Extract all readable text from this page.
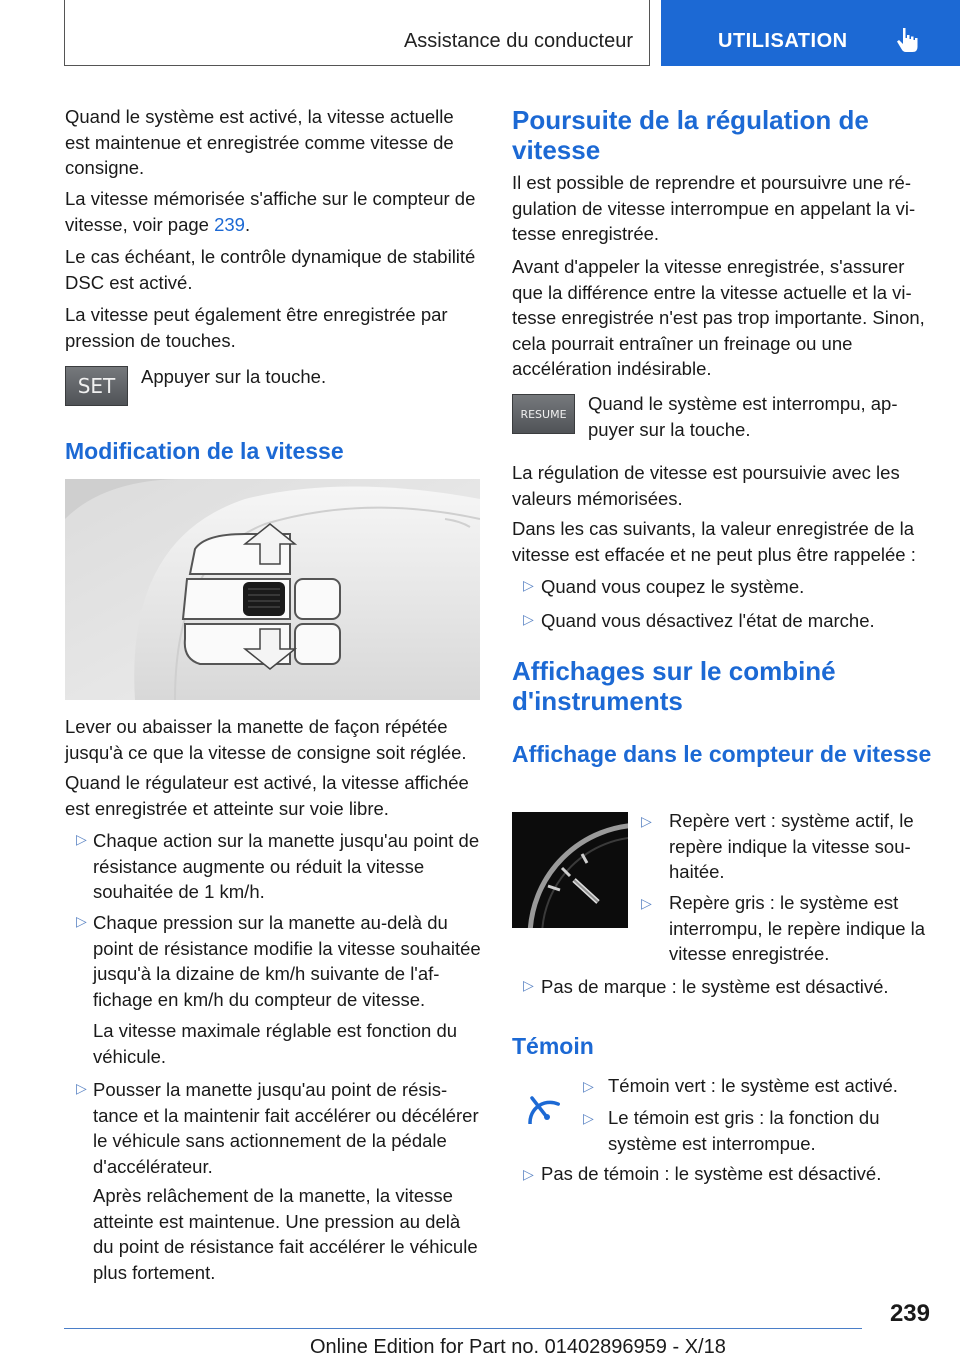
Assistance du conducteur	UTILISATION

Quand le système est activé, la vitesse actuelle est maintenue et enregistrée comme vitesse de consigne.

La vitesse mémorisée s'affiche sur le compteur de vitesse, voir page 239.

Le cas échéant, le contrôle dynamique de stabilité DSC est activé.

La vitesse peut également être enregistrée par pression de touches.

SET	Appuyer sur la touche.

Modification de la vitesse

Lever ou abaisser la manette de façon répétée jusqu'à ce que la vitesse de consigne soit réglée.

Quand le régulateur est activé, la vitesse affichée est enregistrée et atteinte sur voie libre.

▷ Chaque action sur la manette jusqu'au point de résistance augmente ou réduit la vitesse souhaitée de 1 km/h.

▷ Chaque pression sur la manette au-delà du point de résistance modifie la vitesse souhaitée jusqu'à la dizaine de km/h suivante de l'affichage en km/h du compteur de vitesse.

La vitesse maximale réglable est fonction du véhicule.

▷ Pousser la manette jusqu'au point de résistance et la maintenir fait accélérer ou décélérer le véhicule sans actionnement de la pédale d'accélérateur.

Après relâchement de la manette, la vitesse atteinte est maintenue. Une pression au delà du point de résistance fait accélérer le véhicule plus fortement.

Poursuite de la régulation de vitesse

Il est possible de reprendre et poursuivre une régulation de vitesse interrompue en appelant la vitesse enregistrée.

Avant d'appeler la vitesse enregistrée, s'assurer que la différence entre la vitesse actuelle et la vitesse enregistrée n'est pas trop importante. Sinon, cela pourrait entraîner un freinage ou une accélération indésirable.

RESUME	Quand le système est interrompu, appuyer sur la touche.

La régulation de vitesse est poursuivie avec les valeurs mémorisées.

Dans les cas suivants, la valeur enregistrée de la vitesse est effacée et ne peut plus être rappelée :

▷ Quand vous coupez le système.

▷ Quand vous désactivez l'état de marche.

Affichages sur le combiné d'instruments
Affichage dans le compteur de vitesse
▷ Repère vert : système actif, le repère indique la vitesse souhaitée.

▷ Repère gris : le système est interrompu, le repère indique la vitesse enregistrée.

▷ Pas de marque : le système est désactivé.

Témoin
▷ Témoin vert : le système est activé.

▷ Le témoin est gris : la fonction du système est interrompue.

▷ Pas de témoin : le système est désactivé.

239
Online Edition for Part no. 01402896959 - X/18
